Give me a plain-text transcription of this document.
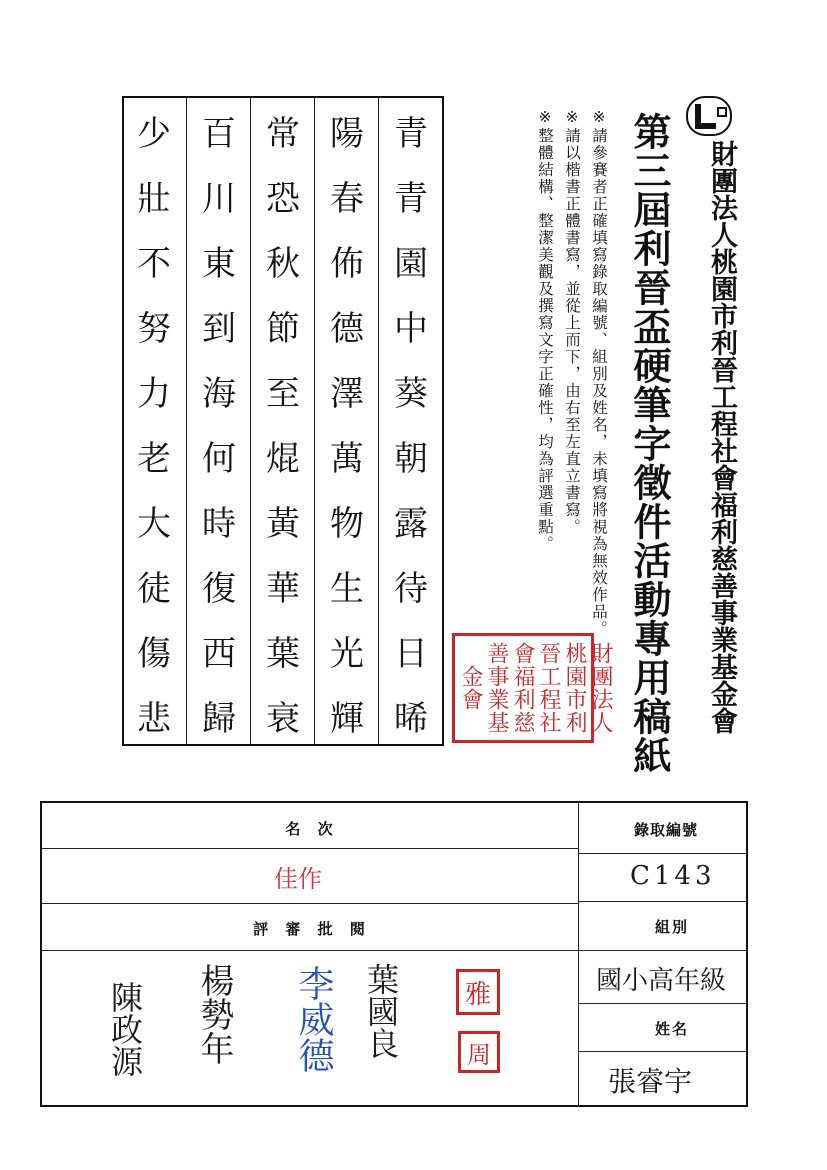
財團法人桃園市利晉工程社會福利慈善事業基金會
第三屆利晉盃硬筆字徵件活動專用稿紙
※請參賽者正確填寫錄取編號、組別及姓名，未填寫將視為無效作品。
※請以楷書正體書寫，並從上而下，由右至左直立書寫。
※整體結構、整潔美觀及撰寫文字正確性，均為評選重點。
財團法人
桃園市利
晉工程社
會福利慈
善事業基
金會
青
青
園
中
葵
朝
露
待
日
晞
陽
春
佈
德
澤
萬
物
生
光
輝
常
恐
秋
節
至
焜
黃
華
葉
衰
百
川
東
到
海
何
時
復
西
歸
少
壯
不
努
力
老
大
徒
傷
悲
名 次
佳作
評 審 批 閱
錄取編號
C143
組別
國小高年級
姓名
張睿宇
葉國良
李威德
楊勢年
陳政源	雅
周
